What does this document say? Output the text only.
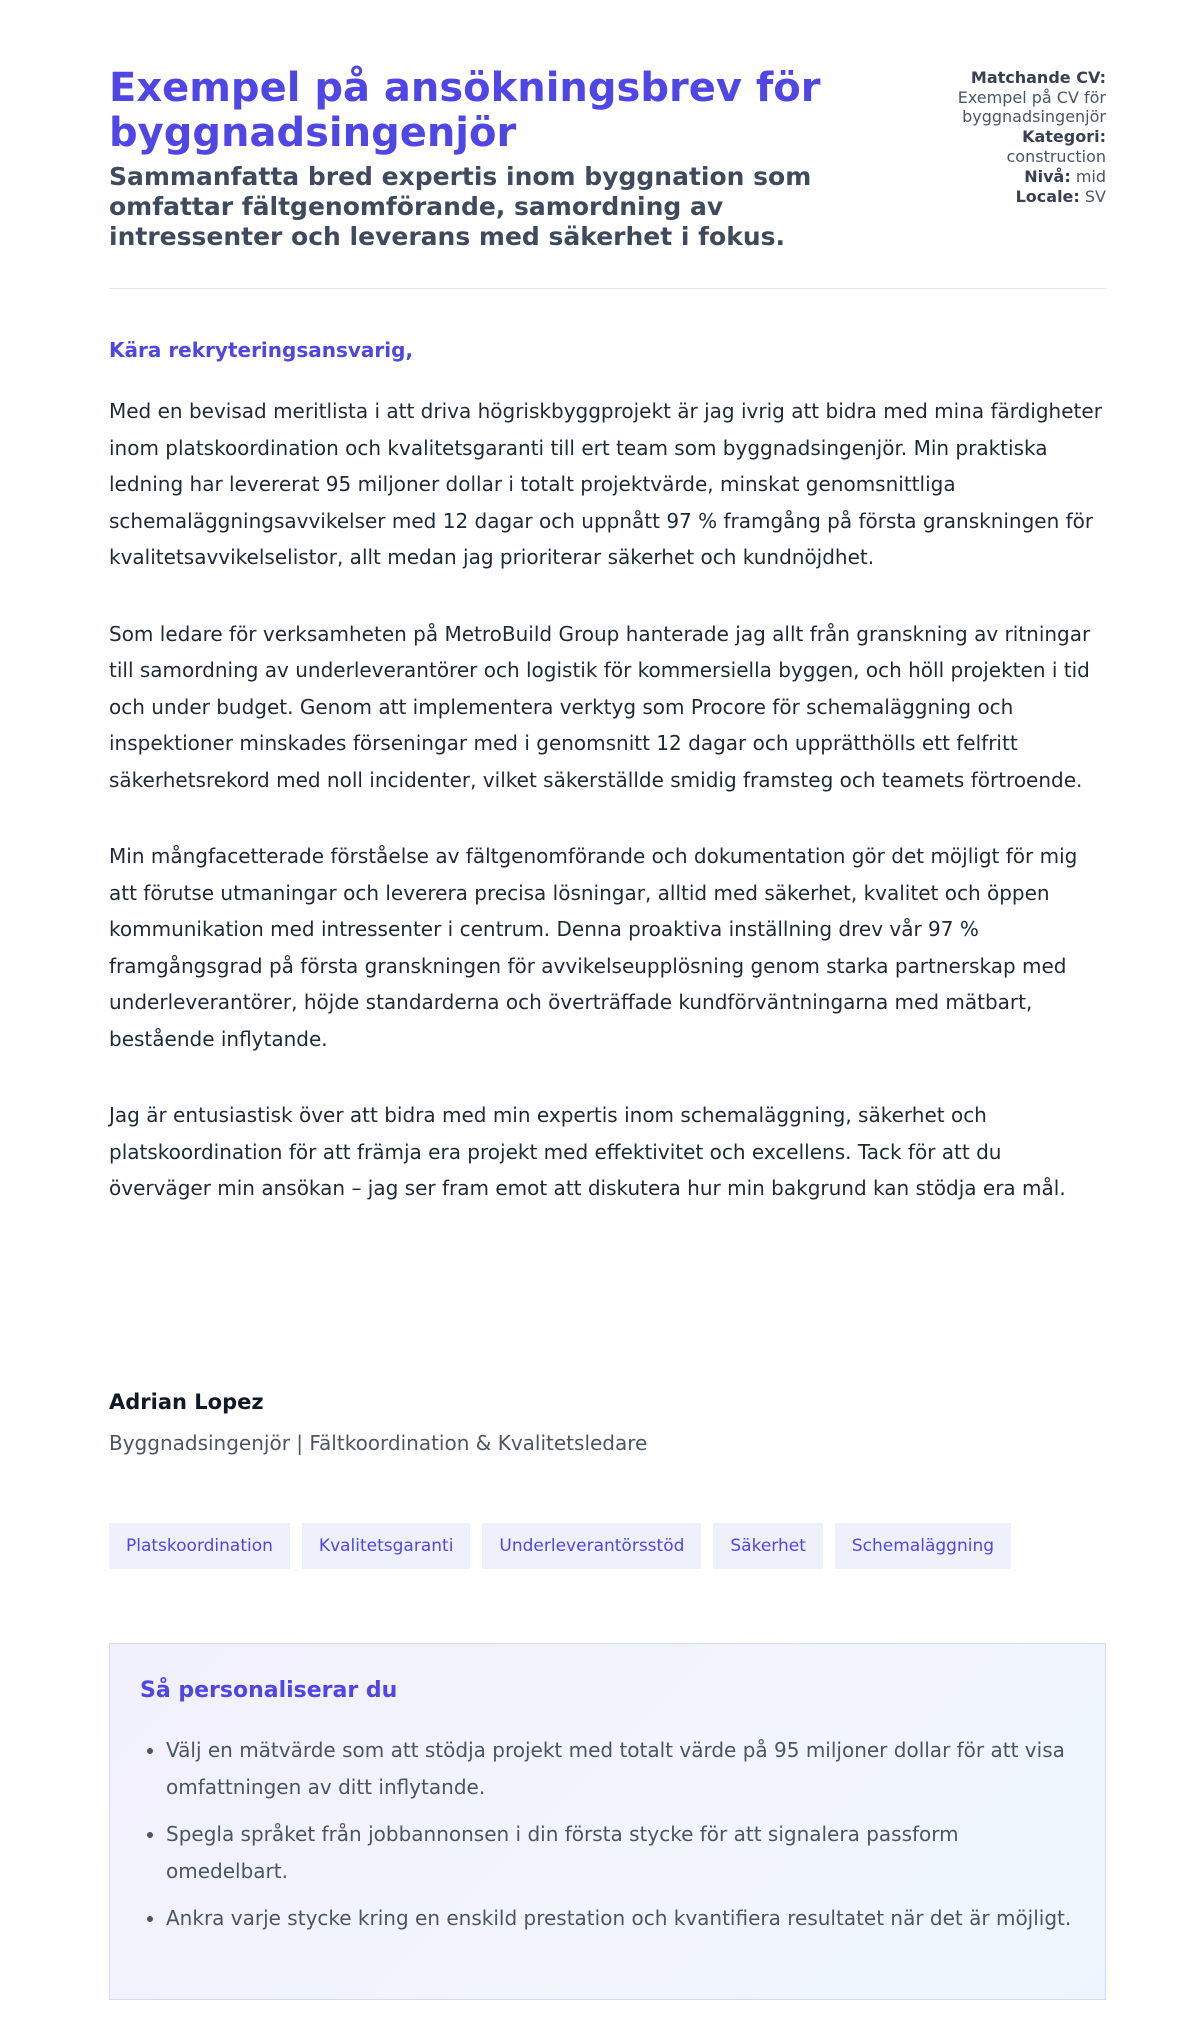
Exempel på ansökningsbrev för byggnadsingenjör

Sammanfatta bred expertis inom byggnation som omfattar fältgenomförande, samordning av intressenter och leverans med säkerhet i fokus.

Matchande CV:
Exempel på CV för byggnadsingenjör
Kategori:
construction
Nivå: mid
Locale: SV

Kära rekryteringsansvarig,

Med en bevisad meritlista i att driva högriskbyggprojekt är jag ivrig att bidra med mina färdigheter inom platskoordination och kvalitetsgaranti till ert team som byggnadsingenjör. Min praktiska ledning har levererat 95 miljoner dollar i totalt projektvärde, minskat genomsnittliga schemaläggningsavvikelser med 12 dagar och uppnått 97 % framgång på första granskningen för kvalitetsavvikelselistor, allt medan jag prioriterar säkerhet och kundnöjdhet.

Som ledare för verksamheten på MetroBuild Group hanterade jag allt från granskning av ritningar till samordning av underleverantörer och logistik för kommersiella byggen, och höll projekten i tid och under budget. Genom att implementera verktyg som Procore för schemaläggning och inspektioner minskades förseningar med i genomsnitt 12 dagar och upprätthölls ett felfritt säkerhetsrekord med noll incidenter, vilket säkerställde smidig framsteg och teamets förtroende.

Min mångfacetterade förståelse av fältgenomförande och dokumentation gör det möjligt för mig att förutse utmaningar och leverera precisa lösningar, alltid med säkerhet, kvalitet och öppen kommunikation med intressenter i centrum. Denna proaktiva inställning drev vår 97 % framgångsgrad på första granskningen för avvikelseupplösning genom starka partnerskap med underleverantörer, höjde standarderna och överträffade kundförväntningarna med mätbart, bestående inflytande.

Jag är entusiastisk över att bidra med min expertis inom schemaläggning, säkerhet och platskoordination för att främja era projekt med effektivitet och excellens. Tack för att du överväger min ansökan – jag ser fram emot att diskutera hur min bakgrund kan stödja era mål.

Adrian Lopez
Byggnadsingenjör | Fältkoordination & Kvalitetsledare
Platskoordination	Kvalitetsgaranti	Underleverantörsstöd	Säkerhet	Schemaläggning
Så personaliserar du
• Välj en mätvärde som att stödja projekt med totalt värde på 95 miljoner dollar för att visa omfattningen av ditt inflytande.
• Spegla språket från jobbannonsen i din första stycke för att signalera passform omedelbart.
• Ankra varje stycke kring en enskild prestation och kvantifiera resultatet när det är möjligt.
